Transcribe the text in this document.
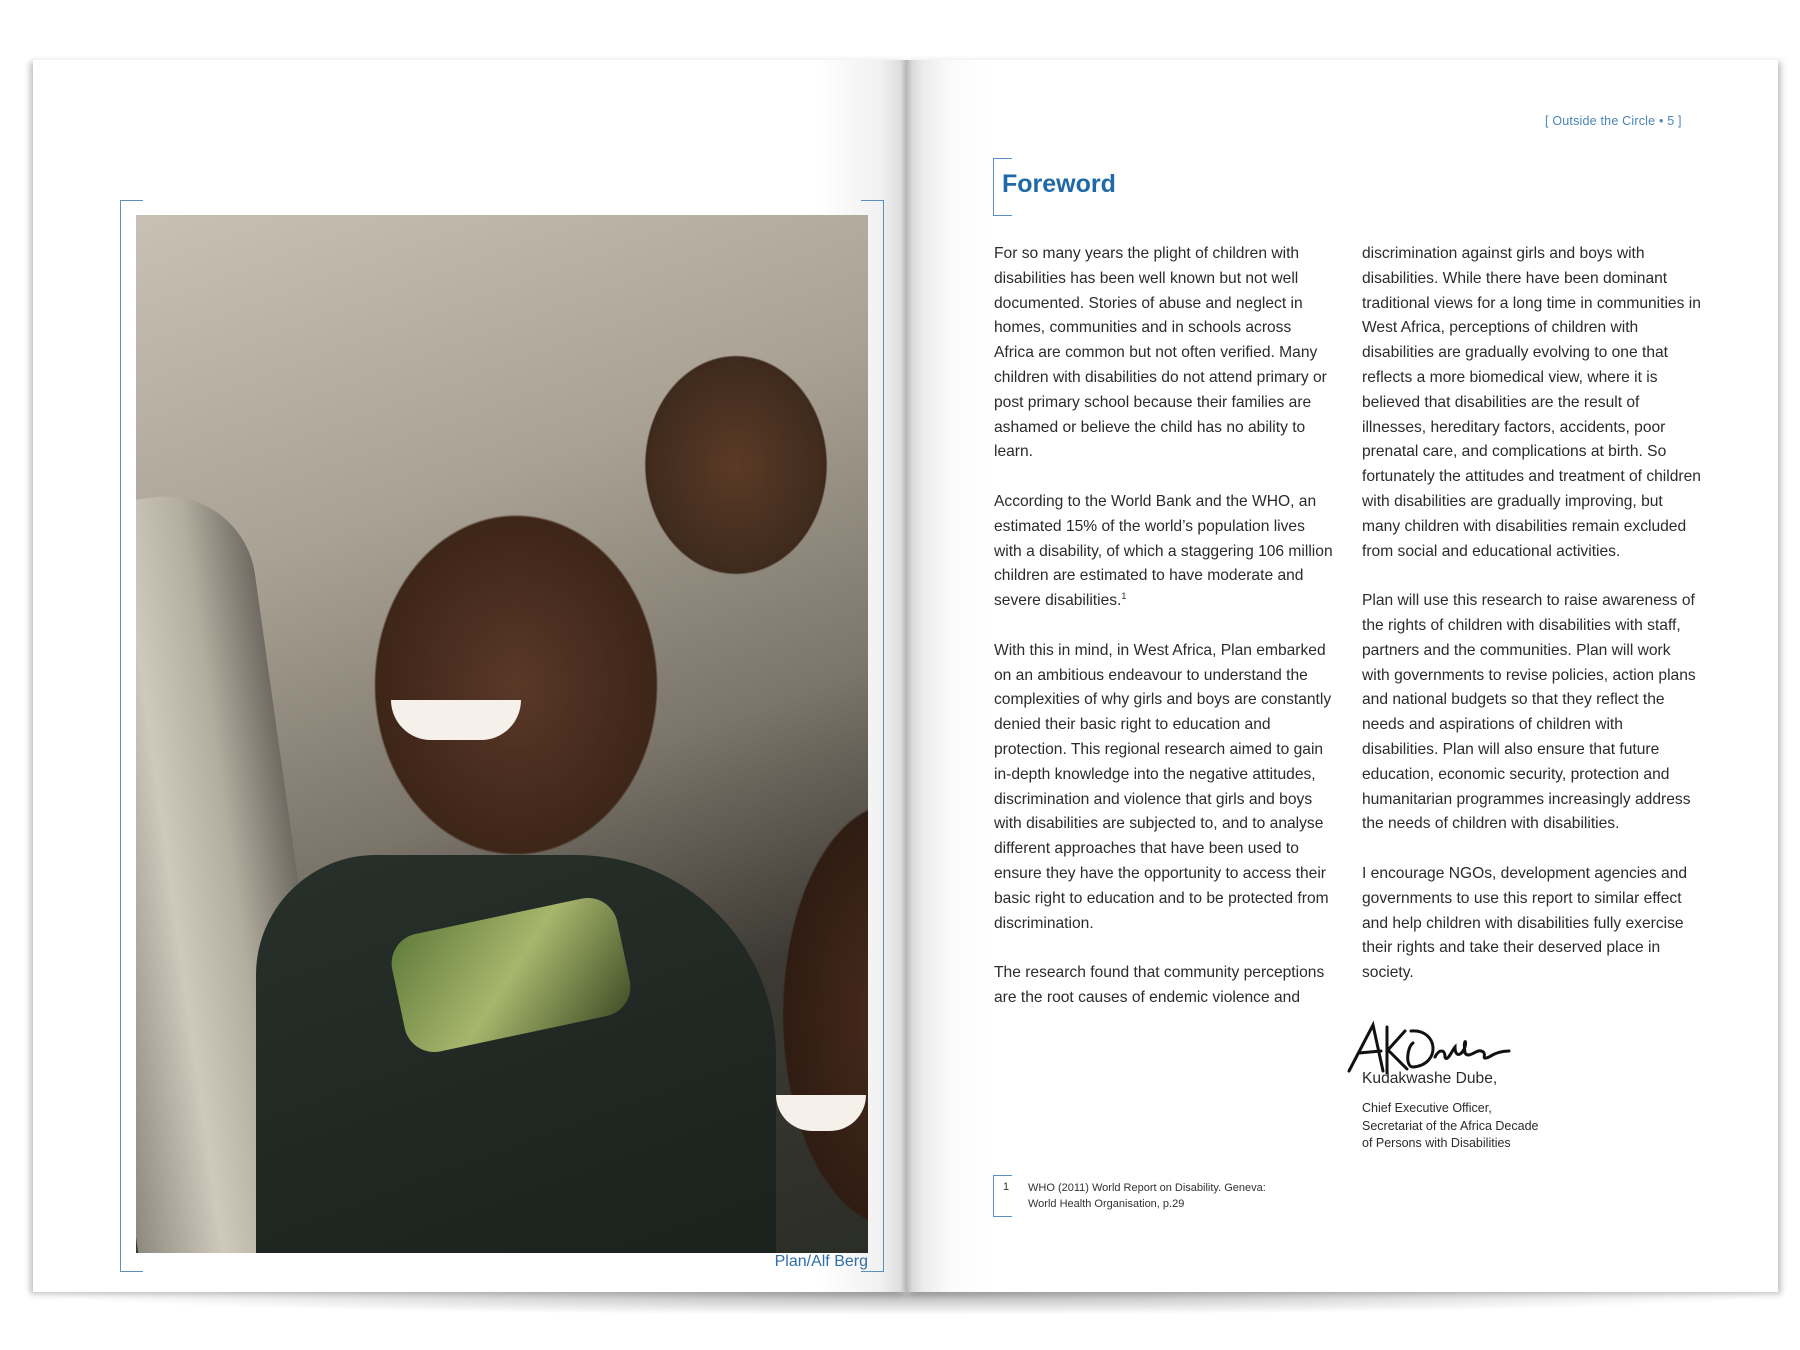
Plan/Alf Berg
[ Outside the Circle • 5 ]
Foreword

For so many years the plight of children with disabilities has been well known but not well documented. Stories of abuse and neglect in homes, communities and in schools across Africa are common but not often verified. Many children with disabilities do not attend primary or post primary school because their families are ashamed or believe the child has no ability to learn.

According to the World Bank and the WHO, an estimated 15% of the world’s population lives with a disability, of which a staggering 106 million children are estimated to have moderate and severe disabilities.$^1$

With this in mind, in West Africa, Plan embarked on an ambitious endeavour to understand the complexities of why girls and boys are constantly denied their basic right to education and protection. This regional research aimed to gain in-depth knowledge into the negative attitudes, discrimination and violence that girls and boys with disabilities are subjected to, and to analyse different approaches that have been used to ensure they have the opportunity to access their basic right to education and to be protected from discrimination.

The research found that community perceptions are the root causes of endemic violence and

discrimination against girls and boys with disabilities. While there have been dominant traditional views for a long time in communities in West Africa, perceptions of children with disabilities are gradually evolving to one that reflects a more biomedical view, where it is believed that disabilities are the result of illnesses, hereditary factors, accidents, poor prenatal care, and complications at birth. So fortunately the attitudes and treatment of children with disabilities are gradually improving, but many children with disabilities remain excluded from social and educational activities.

Plan will use this research to raise awareness of the rights of children with disabilities with staff, partners and the communities. Plan will work with governments to revise policies, action plans and national budgets so that they reflect the needs and aspirations of children with disabilities. Plan will also ensure that future education, economic security, protection and humanitarian programmes increasingly address the needs of children with disabilities.

I encourage NGOs, development agencies and governments to use this report to similar effect and help children with disabilities fully exercise their rights and take their deserved place in society.

Kudakwashe Dube,
Chief Executive Officer, Secretariat of the Africa Decade of Persons with Disabilities
1 WHO (2011) World Report on Disability. Geneva: World Health Organisation, p.29
